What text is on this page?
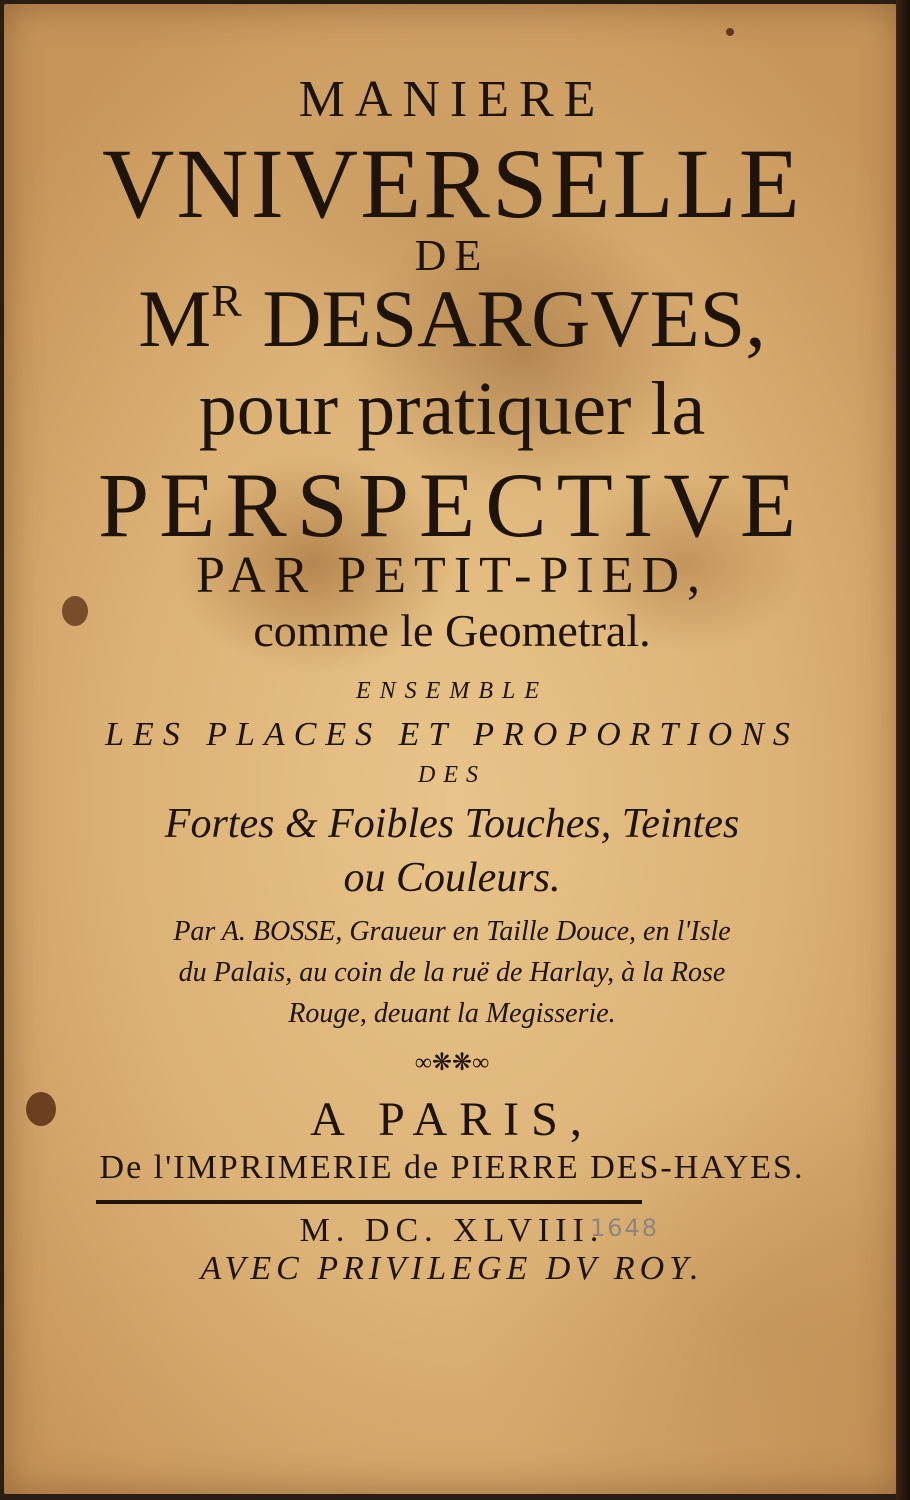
MANIERE
VNIVERSELLE
DE
$M^R$ DESARGVES,
pour pratiquer la
PERSPECTIVE
PAR PETIT-PIED,
comme le Geometral.
ENSEMBLE
LES PLACES ET PROPORTIONS
DES
Fortes & Foibles Touches, Teintes
ou Couleurs.
Par A. BOSSE, Graueur en Taille Douce, en l'Isle
du Palais, au coin de la ruë de Harlay, à la Rose
Rouge, deuant la Megisserie.
∞❋❋∞
A PARIS,
De l'IMPRIMERIE de PIERRE DES-HAYES.
M. DC. XLVIII.
1648
AVEC PRIVILEGE DV ROY.
